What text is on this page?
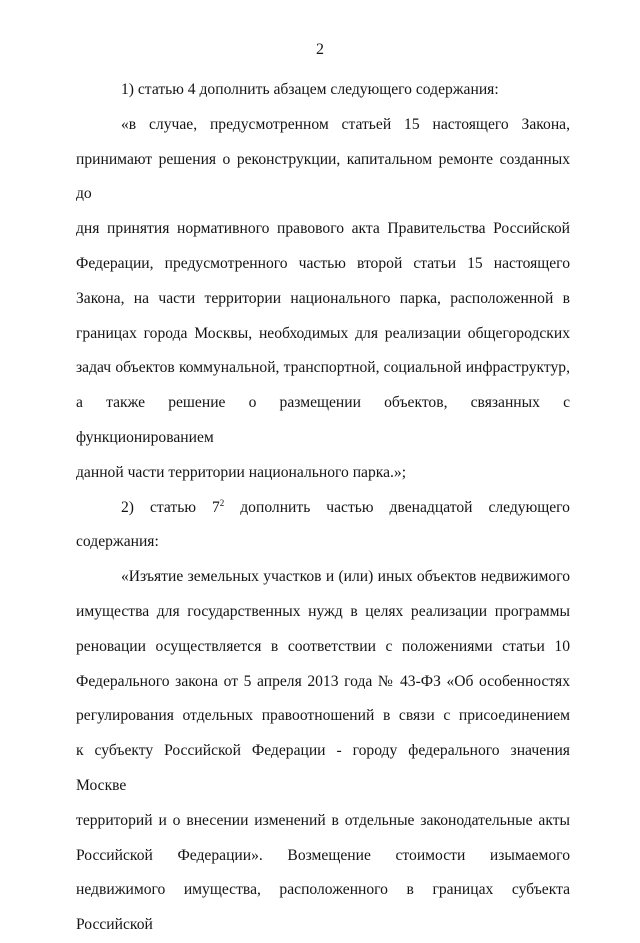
2

1) статью 4 дополнить абзацем следующего содержания:

«в случае, предусмотренном статьей 15 настоящего Закона,
принимают решения о реконструкции, капитальном ремонте созданных до
дня принятия нормативного правового акта Правительства Российской
Федерации, предусмотренного частью второй статьи 15 настоящего
Закона, на части территории национального парка, расположенной в
границах города Москвы, необходимых для реализации общегородских
задач объектов коммунальной, транспортной, социальной инфраструктур,
а также решение о размещении объектов, связанных с функционированием
данной части территории национального парка.»;

2) статью $7^2$ дополнить частью двенадцатой следующего
содержания:

«Изъятие земельных участков и (или) иных объектов недвижимого
имущества для государственных нужд в целях реализации программы
реновации осуществляется в соответствии с положениями статьи 10
Федерального закона от 5 апреля 2013 года № 43-ФЗ «Об особенностях
регулирования отдельных правоотношений в связи с присоединением
к субъекту Российской Федерации - городу федерального значения Москве
территорий и о внесении изменений в отдельные законодательные акты
Российской Федерации». Возмещение стоимости изымаемого
недвижимого имущества, расположенного в границах субъекта Российской
